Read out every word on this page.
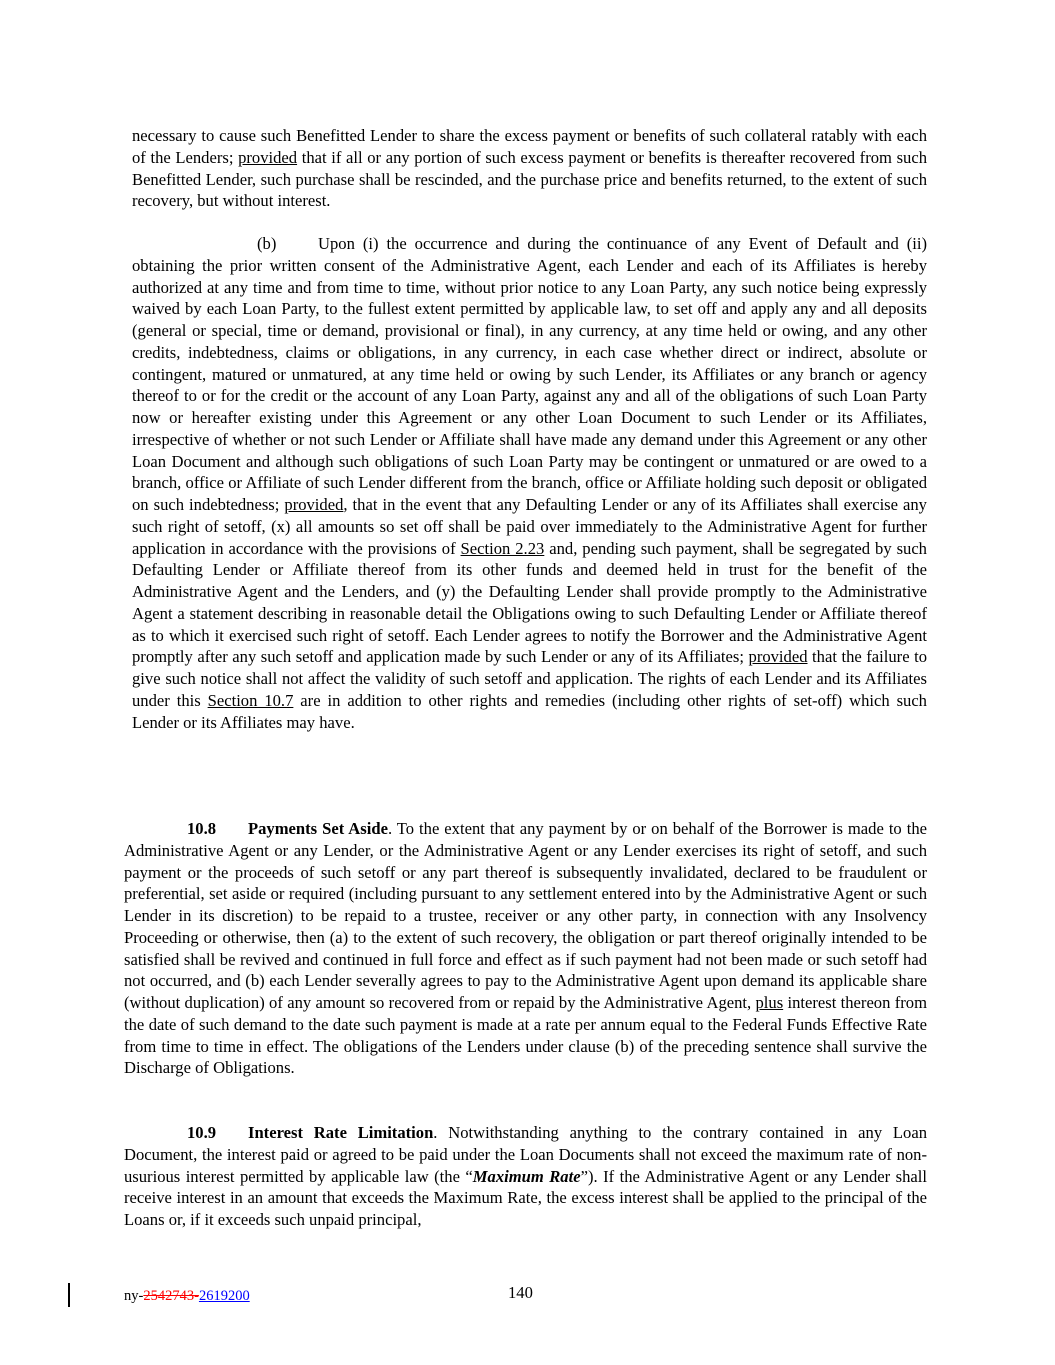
necessary to cause such Benefitted Lender to share the excess payment or benefits of such collateral ratably with each of the Lenders; provided that if all or any portion of such excess payment or benefits is thereafter recovered from such Benefitted Lender, such purchase shall be rescinded, and the purchase price and benefits returned, to the extent of such recovery, but without interest.

(b)	Upon (i) the occurrence and during the continuance of any Event of Default and (ii) obtaining the prior written consent of the Administrative Agent, each Lender and each of its Affiliates is hereby authorized at any time and from time to time, without prior notice to any Loan Party, any such notice being expressly waived by each Loan Party, to the fullest extent permitted by applicable law, to set off and apply any and all deposits (general or special, time or demand, provisional or final), in any currency, at any time held or owing, and any other credits, indebtedness, claims or obligations, in any currency, in each case whether direct or indirect, absolute or contingent, matured or unmatured, at any time held or owing by such Lender, its Affiliates or any branch or agency thereof to or for the credit or the account of any Loan Party, against any and all of the obligations of such Loan Party now or hereafter existing under this Agreement or any other Loan Document to such Lender or its Affiliates, irrespective of whether or not such Lender or Affiliate shall have made any demand under this Agreement or any other Loan Document and although such obligations of such Loan Party may be contingent or unmatured or are owed to a branch, office or Affiliate of such Lender different from the branch, office or Affiliate holding such deposit or obligated on such indebtedness; provided, that in the event that any Defaulting Lender or any of its Affiliates shall exercise any such right of setoff, (x) all amounts so set off shall be paid over immediately to the Administrative Agent for further application in accordance with the provisions of Section 2.23 and, pending such payment, shall be segregated by such Defaulting Lender or Affiliate thereof from its other funds and deemed held in trust for the benefit of the Administrative Agent and the Lenders, and (y) the Defaulting Lender shall provide promptly to the Administrative Agent a statement describing in reasonable detail the Obligations owing to such Defaulting Lender or Affiliate thereof as to which it exercised such right of setoff. Each Lender agrees to notify the Borrower and the Administrative Agent promptly after any such setoff and application made by such Lender or any of its Affiliates; provided that the failure to give such notice shall not affect the validity of such setoff and application. The rights of each Lender and its Affiliates under this Section 10.7 are in addition to other rights and remedies (including other rights of set-off) which such Lender or its Affiliates may have.

10.8 Payments Set Aside. To the extent that any payment by or on behalf of the Borrower is made to the Administrative Agent or any Lender, or the Administrative Agent or any Lender exercises its right of setoff, and such payment or the proceeds of such setoff or any part thereof is subsequently invalidated, declared to be fraudulent or preferential, set aside or required (including pursuant to any settlement entered into by the Administrative Agent or such Lender in its discretion) to be repaid to a trustee, receiver or any other party, in connection with any Insolvency Proceeding or otherwise, then (a) to the extent of such recovery, the obligation or part thereof originally intended to be satisfied shall be revived and continued in full force and effect as if such payment had not been made or such setoff had not occurred, and (b) each Lender severally agrees to pay to the Administrative Agent upon demand its applicable share (without duplication) of any amount so recovered from or repaid by the Administrative Agent, plus interest thereon from the date of such demand to the date such payment is made at a rate per annum equal to the Federal Funds Effective Rate from time to time in effect. The obligations of the Lenders under clause (b) of the preceding sentence shall survive the Discharge of Obligations.

10.9 Interest Rate Limitation. Notwithstanding anything to the contrary contained in any Loan Document, the interest paid or agreed to be paid under the Loan Documents shall not exceed the maximum rate of non-usurious interest permitted by applicable law (the “Maximum Rate”). If the Administrative Agent or any Lender shall receive interest in an amount that exceeds the Maximum Rate, the excess interest shall be applied to the principal of the Loans or, if it exceeds such unpaid principal,

ny-2542743-2619200	140
